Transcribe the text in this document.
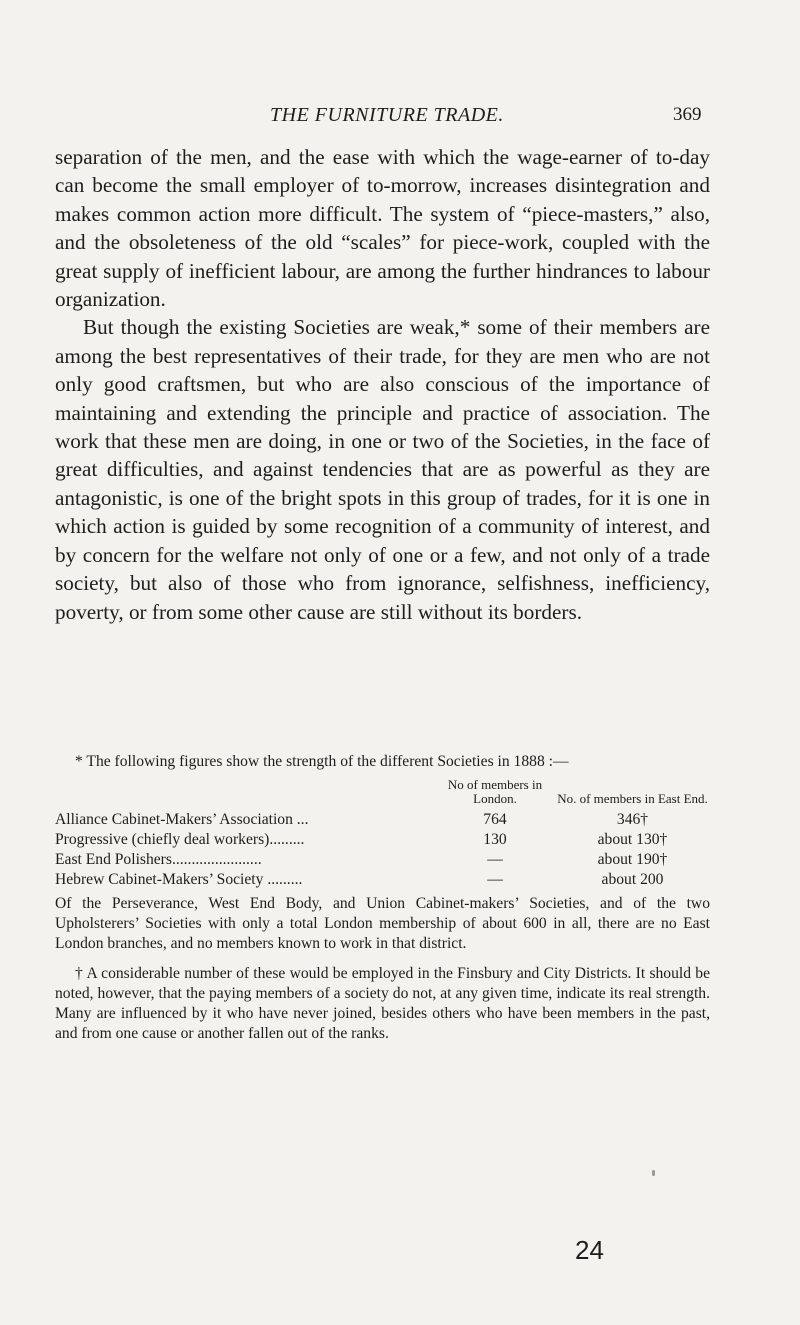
THE FURNITURE TRADE.	369

separation of the men, and the ease with which the wage-earner of to-day can become the small employer of to-morrow, increases disintegration and makes common action more difficult. The system of “piece-masters,” also, and the obsoleteness of the old “scales” for piece-work, coupled with the great supply of inefficient labour, are among the further hindrances to labour organization.

But though the existing Societies are weak,* some of their members are among the best representatives of their trade, for they are men who are not only good craftsmen, but who are also conscious of the importance of maintaining and extending the principle and practice of association. The work that these men are doing, in one or two of the Societies, in the face of great difficulties, and against tendencies that are as powerful as they are antagonistic, is one of the bright spots in this group of trades, for it is one in which action is guided by some recognition of a community of interest, and by concern for the welfare not only of one or a few, and not only of a trade society, but also of those who from ignorance, selfishness, inefficiency, poverty, or from some other cause are still without its borders.

* The following figures show the strength of the different Societies in 1888 :—

	No of members in London.	No. of members in East End.
Alliance Cabinet-Makers’ Association ...	764	346†
Progressive (chiefly deal workers).........	130	about 130†
East End Polishers.......................	—	about 190†
Hebrew Cabinet-Makers’ Society .........	—	about 200

Of the Perseverance, West End Body, and Union Cabinet-makers’ Societies, and of the two Upholsterers’ Societies with only a total London membership of about 600 in all, there are no East London branches, and no members known to work in that district.

† A considerable number of these would be employed in the Finsbury and City Districts. It should be noted, however, that the paying members of a society do not, at any given time, indicate its real strength. Many are influenced by it who have never joined, besides others who have been members in the past, and from one cause or another fallen out of the ranks.

24
